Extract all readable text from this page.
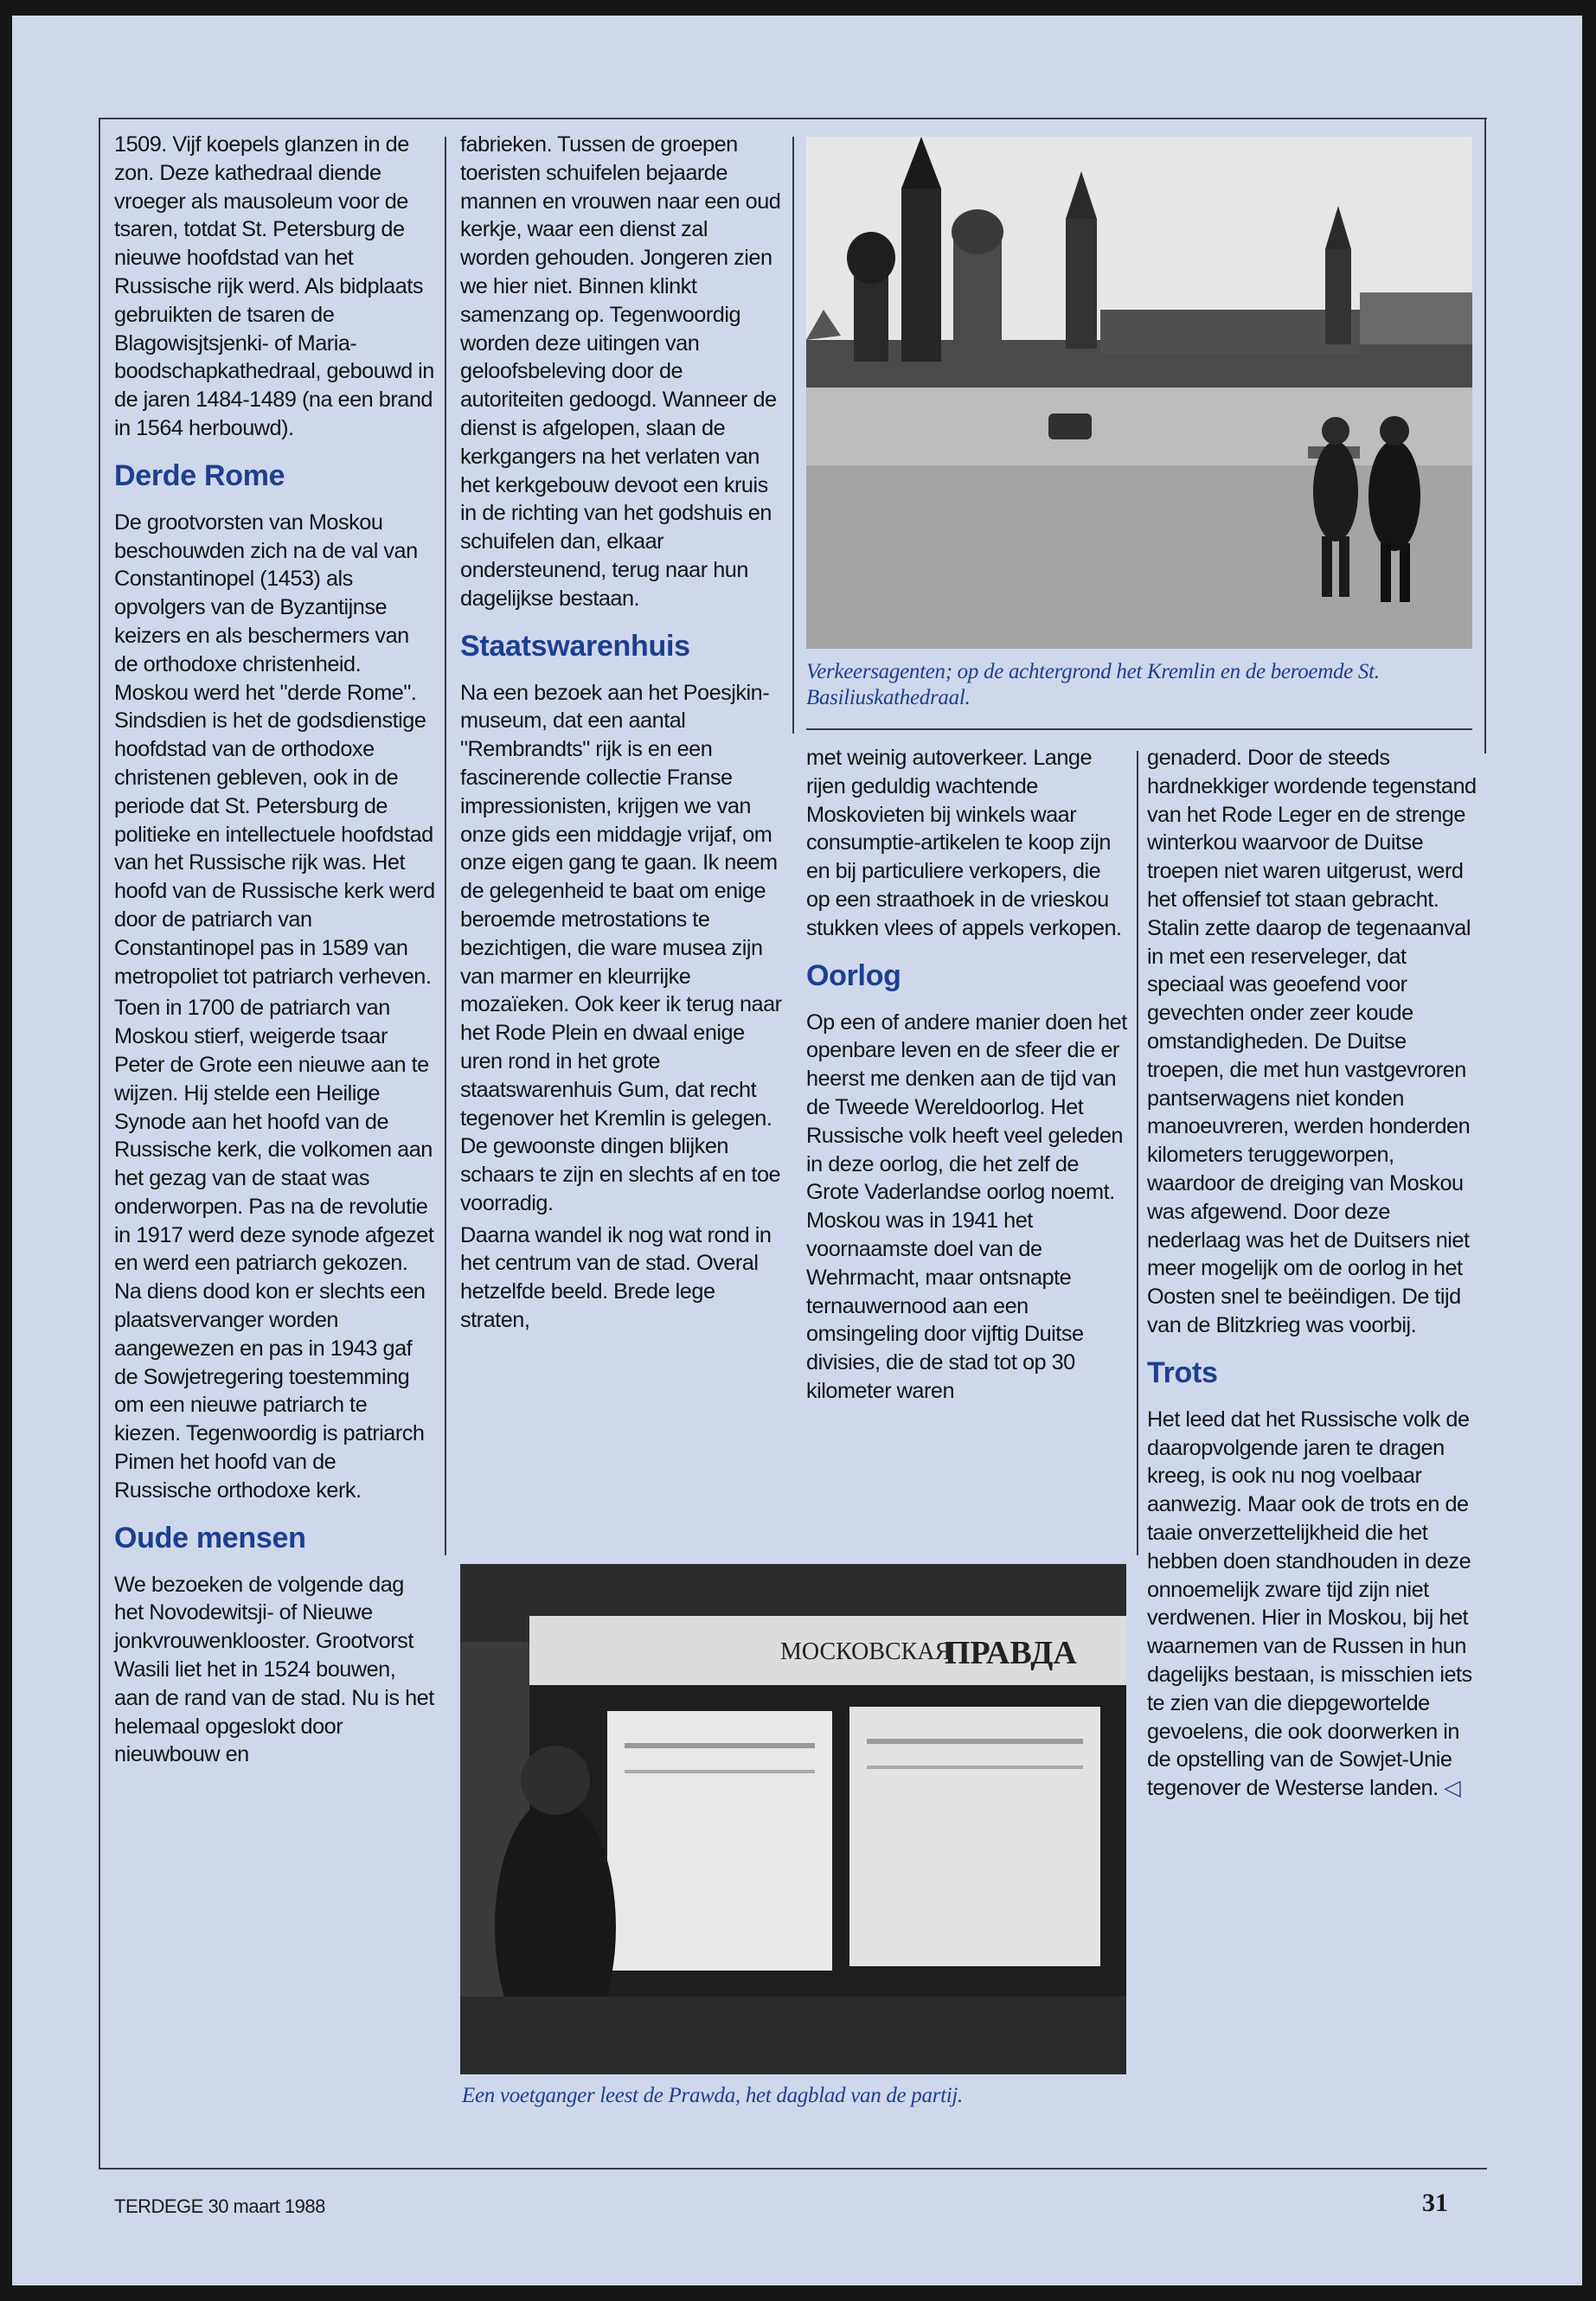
1509. Vijf koepels glanzen in de zon. Deze kathedraal diende vroeger als mausoleum voor de tsaren, totdat St. Petersburg de nieuwe hoofdstad van het Russische rijk werd. Als bidplaats gebruikten de tsaren de Blagowisjtsjenki- of Maria-boodschapkathedraal, gebouwd in de jaren 1484-1489 (na een brand in 1564 herbouwd).

Derde Rome

De grootvorsten van Moskou beschouwden zich na de val van Constantinopel (1453) als opvolgers van de Byzantijnse keizers en als beschermers van de orthodoxe christenheid. Moskou werd het "derde Rome". Sindsdien is het de godsdienstige hoofdstad van de orthodoxe christenen gebleven, ook in de periode dat St. Petersburg de politieke en intellectuele hoofdstad van het Russische rijk was. Het hoofd van de Russische kerk werd door de patriarch van Constantinopel pas in 1589 van metropoliet tot patriarch verheven.

Toen in 1700 de patriarch van Moskou stierf, weigerde tsaar Peter de Grote een nieuwe aan te wijzen. Hij stelde een Heilige Synode aan het hoofd van de Russische kerk, die volkomen aan het gezag van de staat was onderworpen. Pas na de revolutie in 1917 werd deze synode afgezet en werd een patriarch gekozen. Na diens dood kon er slechts een plaatsvervanger worden aangewezen en pas in 1943 gaf de Sowjetregering toestemming om een nieuwe patriarch te kiezen. Tegenwoordig is patriarch Pimen het hoofd van de Russische orthodoxe kerk.

Oude mensen

We bezoeken de volgende dag het Novodewitsji- of Nieuwe jonkvrouwenklooster. Grootvorst Wasili liet het in 1524 bouwen, aan de rand van de stad. Nu is het helemaal opgeslokt door nieuwbouw en

fabrieken. Tussen de groepen toeristen schuifelen bejaarde mannen en vrouwen naar een oud kerkje, waar een dienst zal worden gehouden. Jongeren zien we hier niet. Binnen klinkt samenzang op. Tegenwoordig worden deze uitingen van geloofsbeleving door de autoriteiten gedoogd. Wanneer de dienst is afgelopen, slaan de kerkgangers na het verlaten van het kerkgebouw devoot een kruis in de richting van het godshuis en schuifelen dan, elkaar ondersteunend, terug naar hun dagelijkse bestaan.

Staatswarenhuis

Na een bezoek aan het Poesjkin-museum, dat een aantal "Rembrandts" rijk is en een fascinerende collectie Franse impressionisten, krijgen we van onze gids een middagje vrijaf, om onze eigen gang te gaan. Ik neem de gelegenheid te baat om enige beroemde metrostations te bezichtigen, die ware musea zijn van marmer en kleurrijke mozaïeken. Ook keer ik terug naar het Rode Plein en dwaal enige uren rond in het grote staatswarenhuis Gum, dat recht tegenover het Kremlin is gelegen. De gewoonste dingen blijken schaars te zijn en slechts af en toe voorradig.

Daarna wandel ik nog wat rond in het centrum van de stad. Overal hetzelfde beeld. Brede lege straten,

Verkeersagenten; op de achtergrond het Kremlin en de beroemde St. Basiliuskathedraal.

met weinig autoverkeer. Lange rijen geduldig wachtende Moskovieten bij winkels waar consumptie-artikelen te koop zijn en bij particuliere verkopers, die op een straathoek in de vrieskou stukken vlees of appels verkopen.

Oorlog

Op een of andere manier doen het openbare leven en de sfeer die er heerst me denken aan de tijd van de Tweede Wereldoorlog. Het Russische volk heeft veel geleden in deze oorlog, die het zelf de Grote Vaderlandse oorlog noemt. Moskou was in 1941 het voornaamste doel van de Wehrmacht, maar ontsnapte ternauwernood aan een omsingeling door vijftig Duitse divisies, die de stad tot op 30 kilometer waren

genaderd. Door de steeds hardnekkiger wordende tegenstand van het Rode Leger en de strenge winterkou waarvoor de Duitse troepen niet waren uitgerust, werd het offensief tot staan gebracht. Stalin zette daarop de tegenaanval in met een reserveleger, dat speciaal was geoefend voor gevechten onder zeer koude omstandigheden. De Duitse troepen, die met hun vastgevroren pantserwagens niet konden manoeuvreren, werden honderden kilometers teruggeworpen, waardoor de dreiging van Moskou was afgewend. Door deze nederlaag was het de Duitsers niet meer mogelijk om de oorlog in het Oosten snel te beëindigen. De tijd van de Blitzkrieg was voorbij.

Trots

Het leed dat het Russische volk de daaropvolgende jaren te dragen kreeg, is ook nu nog voelbaar aanwezig. Maar ook de trots en de taaie onverzettelijkheid die het hebben doen standhouden in deze onnoemelijk zware tijd zijn niet verdwenen. Hier in Moskou, bij het waarnemen van de Russen in hun dagelijks bestaan, is misschien iets te zien van die diepgewortelde gevoelens, die ook doorwerken in de opstelling van de Sowjet-Unie tegenover de Westerse landen. ◁

МОСКОВСКАЯ
ПРАВДА
Een voetganger leest de Prawda, het dagblad van de partij.
TERDEGE 30 maart 1988	31
